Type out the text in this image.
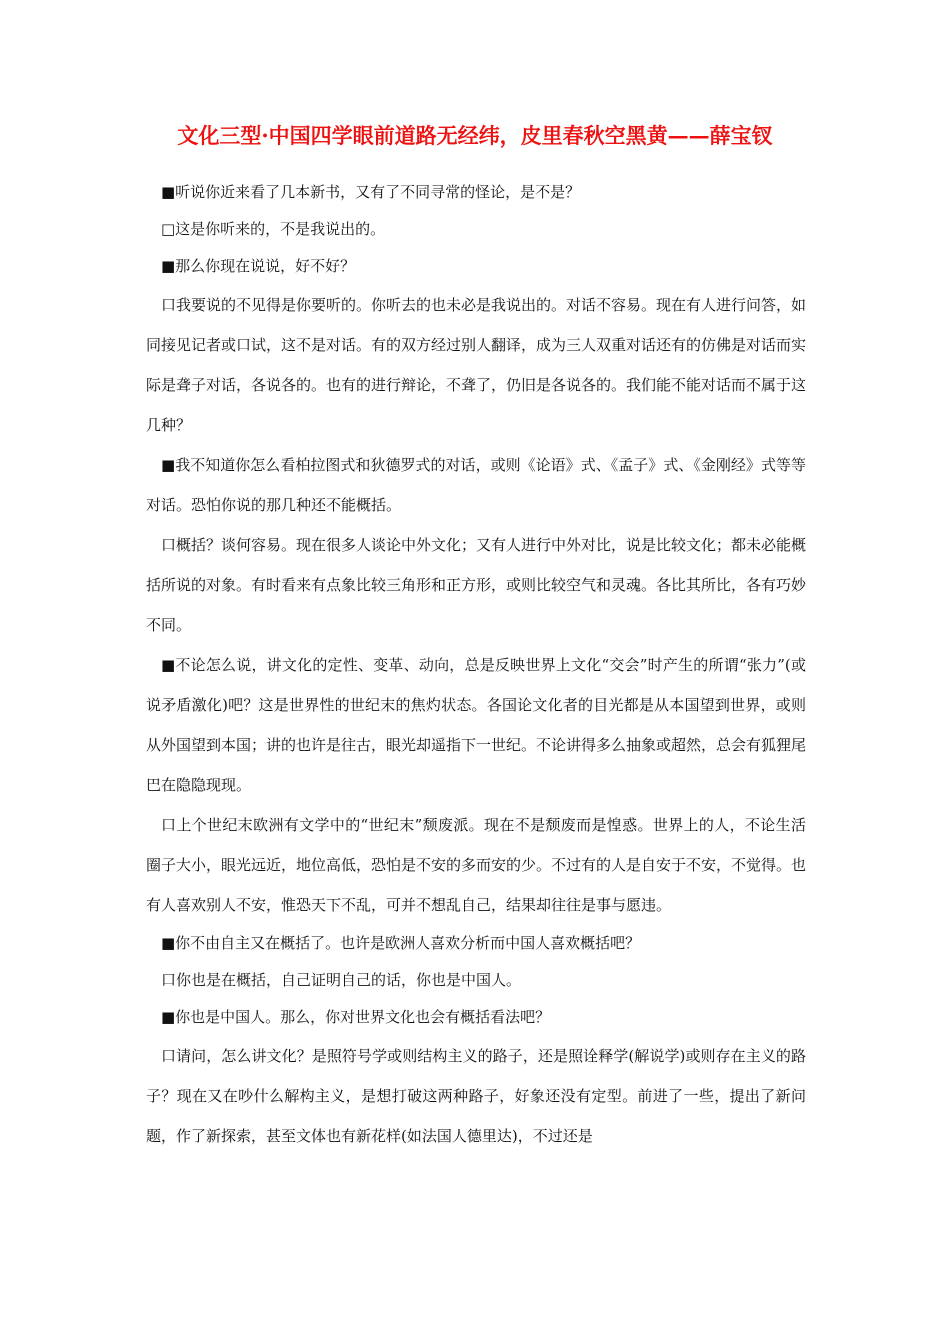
文化三型·中国四学眼前道路无经纬，皮里春秋空黑黄——薛宝钗

■听说你近来看了几本新书，又有了不同寻常的怪论，是不是？

□这是你听来的，不是我说出的。

■那么你现在说说，好不好？

口我要说的不见得是你要听的。你听去的也未必是我说出的。对话不容易。现在有人进行问答，如同接见记者或口试，这不是对话。有的双方经过别人翻译，成为三人双重对话还有的仿佛是对话而实际是聋子对话，各说各的。也有的进行辩论，不聋了，仍旧是各说各的。我们能不能对话而不属于这几种？

■我不知道你怎么看柏拉图式和狄德罗式的对话，或则《论语》式、《孟子》式、《金刚经》式等等对话。恐怕你说的那几种还不能概括。

口概括？谈何容易。现在很多人谈论中外文化；又有人进行中外对比，说是比较文化；都未必能概括所说的对象。有时看来有点象比较三角形和正方形，或则比较空气和灵魂。各比其所比，各有巧妙不同。

■不论怎么说，讲文化的定性、变革、动向，总是反映世界上文化“交会”时产生的所谓“张力”(或说矛盾激化)吧？这是世界性的世纪末的焦灼状态。各国论文化者的目光都是从本国望到世界，或则从外国望到本国；讲的也许是往古，眼光却遥指下一世纪。不论讲得多么抽象或超然，总会有狐狸尾巴在隐隐现现。

口上个世纪末欧洲有文学中的“世纪末”颓废派。现在不是颓废而是惶惑。世界上的人，不论生活圈子大小，眼光远近，地位高低，恐怕是不安的多而安的少。不过有的人是自安于不安，不觉得。也有人喜欢别人不安，惟恐天下不乱，可并不想乱自己，结果却往往是事与愿违。

■你不由自主又在概括了。也许是欧洲人喜欢分析而中国人喜欢概括吧？

口你也是在概括，自己证明自己的话，你也是中国人。

■你也是中国人。那么，你对世界文化也会有概括看法吧？

口请问，怎么讲文化？是照符号学或则结构主义的路子，还是照诠释学(解说学)或则存在主义的路子？现在又在吵什么解构主义，是想打破这两种路子，好象还没有定型。前进了一些，提出了新问题，作了新探索，甚至文体也有新花样(如法国人德里达)，不过还是
